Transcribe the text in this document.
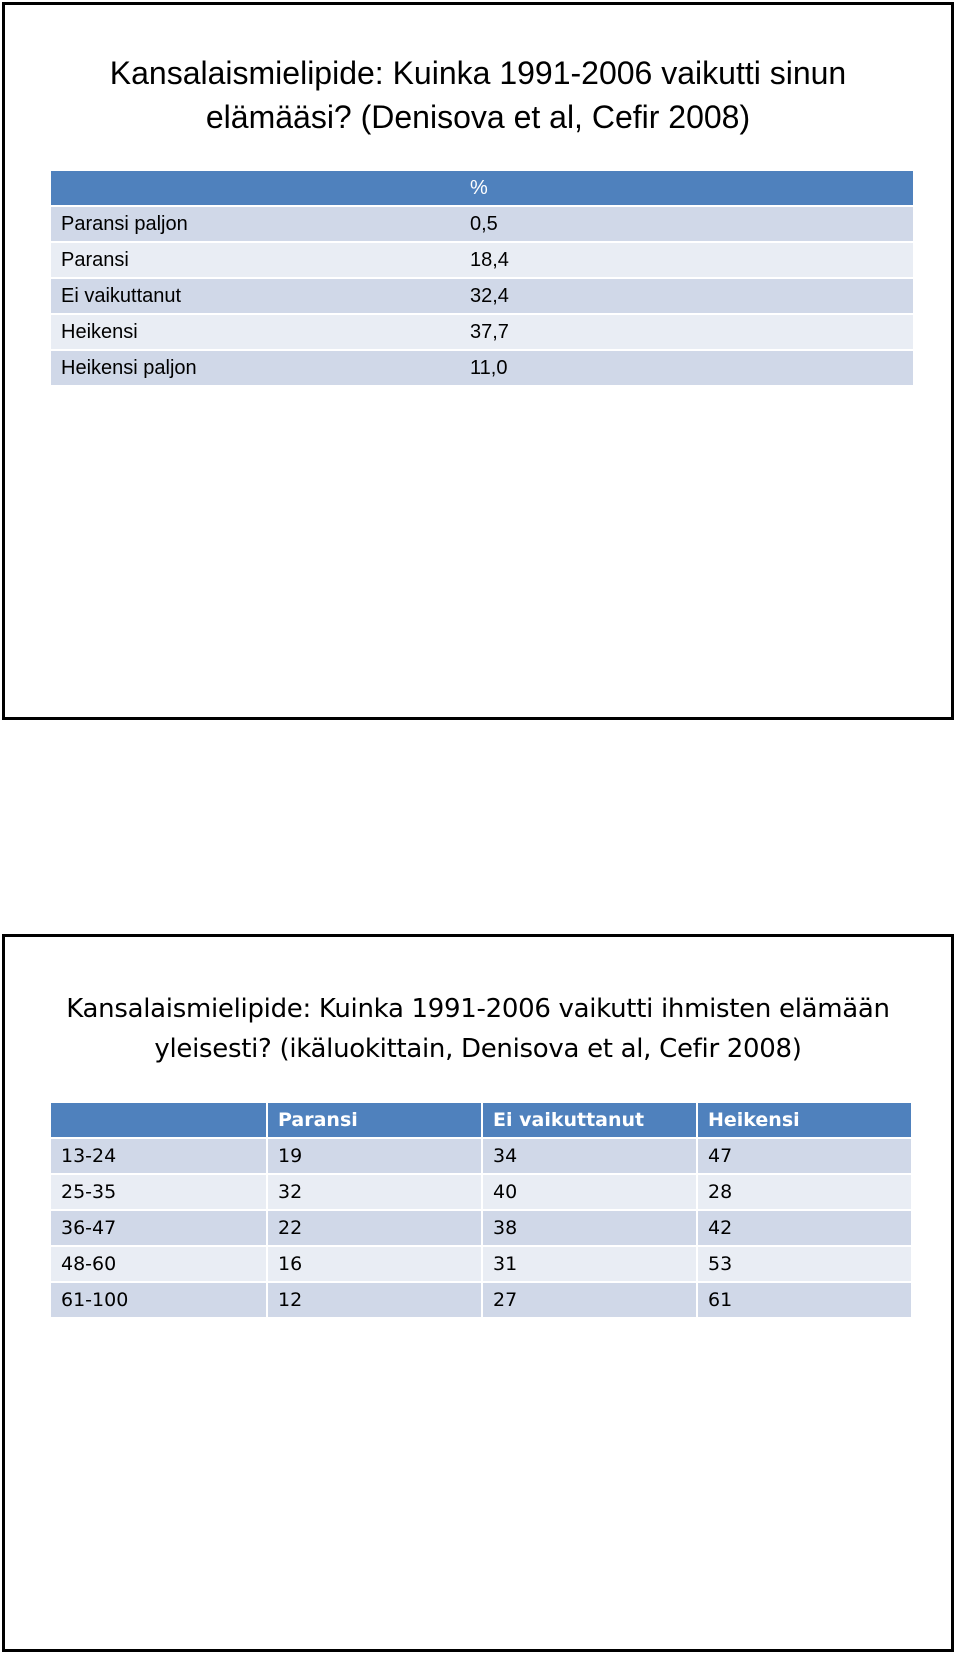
Kansalaismielipide: Kuinka 1991-2006 vaikutti sinun elämääsi? (Denisova et al, Cefir 2008)
	%
Paransi paljon	0,5
Paransi	18,4
Ei vaikuttanut	32,4
Heikensi	37,7
Heikensi paljon	11,0
Kansalaismielipide: Kuinka 1991-2006 vaikutti ihmisten elämään yleisesti? (ikäluokittain, Denisova et al, Cefir 2008)
	Paransi	Ei vaikuttanut	Heikensi
13-24	19	34	47
25-35	32	40	28
36-47	22	38	42
48-60	16	31	53
61-100	12	27	61
